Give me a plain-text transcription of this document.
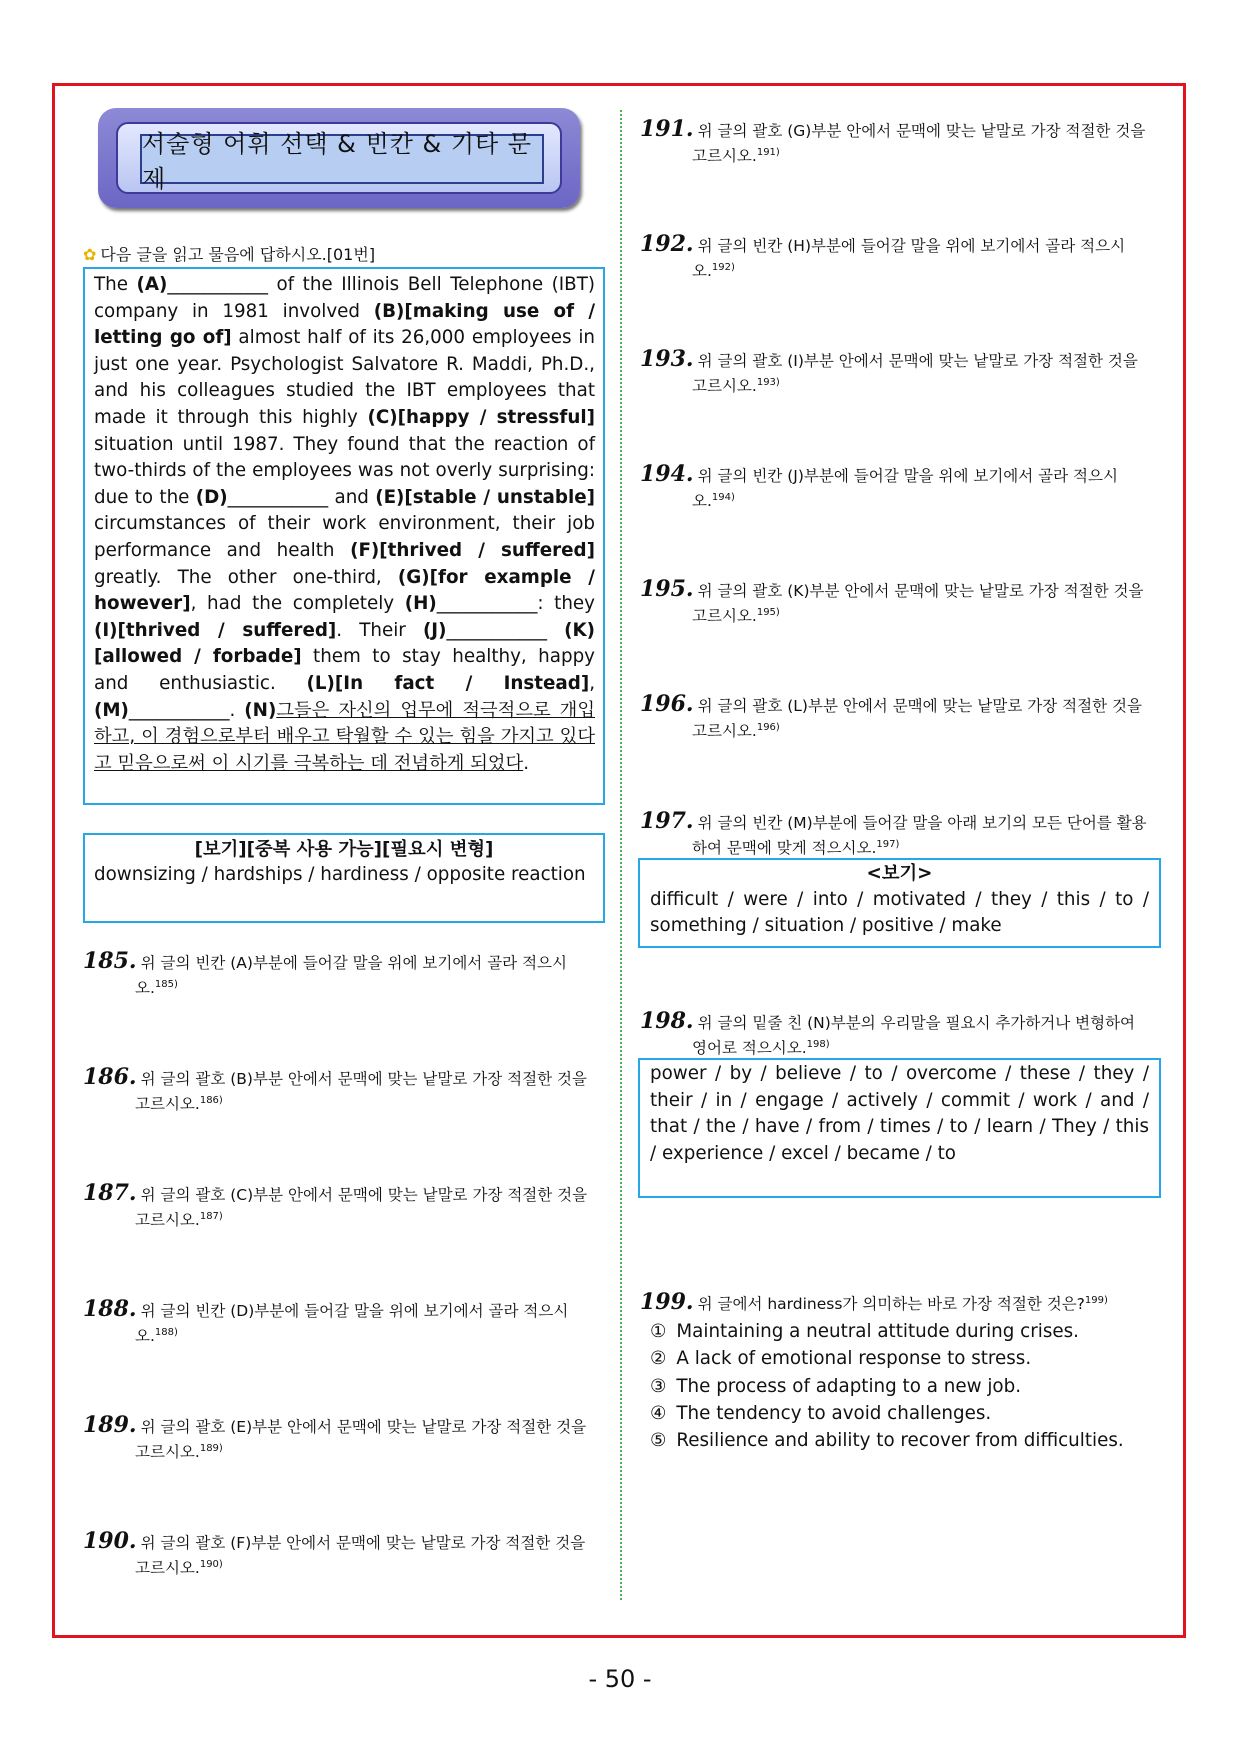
서술형 어휘 선택 & 빈칸 & 기타 문제
✿ 다음 글을 읽고 물음에 답하시오.[01번]
The (A)___________ of the Illinois Bell Telephone (IBT) company in 1981 involved (B)[making use of / letting go of] almost half of its 26,000 employees in just one year. Psychologist Salvatore R. Maddi, Ph.D., and his colleagues studied the IBT employees that made it through this highly (C)[happy / stressful] situation until 1987. They found that the reaction of two-thirds of the employees was not overly surprising: due to the (D)___________ and (E)[stable / unstable] circumstances of their work environment, their job performance and health (F)[thrived / suffered] greatly. The other one-third, (G)[for example / however], had the completely (H)___________: they (I)[thrived / suffered]. Their (J)___________ (K)[allowed / forbade] them to stay healthy, happy and enthusiastic. (L)[In fact / Instead], (M)___________. (N)그들은 자신의 업무에 적극적으로 개입하고, 이 경험으로부터 배우고 탁월할 수 있는 힘을 가지고 있다고 믿음으로써 이 시기를 극복하는 데 전념하게 되었다.
[보기][중복 사용 가능][필요시 변형]
downsizing / hardships / hardiness / opposite reaction
185. 위 글의 빈칸 (A)부분에 들어갈 말을 위에 보기에서 골라 적으시
오.$^{185)}$
186. 위 글의 괄호 (B)부분 안에서 문맥에 맞는 낱말로 가장 적절한 것을
고르시오.$^{186)}$
187. 위 글의 괄호 (C)부분 안에서 문맥에 맞는 낱말로 가장 적절한 것을
고르시오.$^{187)}$
188. 위 글의 빈칸 (D)부분에 들어갈 말을 위에 보기에서 골라 적으시
오.$^{188)}$
189. 위 글의 괄호 (E)부분 안에서 문맥에 맞는 낱말로 가장 적절한 것을
고르시오.$^{189)}$
190. 위 글의 괄호 (F)부분 안에서 문맥에 맞는 낱말로 가장 적절한 것을
고르시오.$^{190)}$
191. 위 글의 괄호 (G)부분 안에서 문맥에 맞는 낱말로 가장 적절한 것을
고르시오.$^{191)}$
192. 위 글의 빈칸 (H)부분에 들어갈 말을 위에 보기에서 골라 적으시
오.$^{192)}$
193. 위 글의 괄호 (I)부분 안에서 문맥에 맞는 낱말로 가장 적절한 것을
고르시오.$^{193)}$
194. 위 글의 빈칸 (J)부분에 들어갈 말을 위에 보기에서 골라 적으시
오.$^{194)}$
195. 위 글의 괄호 (K)부분 안에서 문맥에 맞는 낱말로 가장 적절한 것을
고르시오.$^{195)}$
196. 위 글의 괄호 (L)부분 안에서 문맥에 맞는 낱말로 가장 적절한 것을
고르시오.$^{196)}$
197. 위 글의 빈칸 (M)부분에 들어갈 말을 아래 보기의 모든 단어를 활용
하여 문맥에 맞게 적으시오.$^{197)}$
198. 위 글의 밑줄 친 (N)부분의 우리말을 필요시 추가하거나 변형하여
영어로 적으시오.$^{198)}$
199. 위 글에서 hardiness가 의미하는 바로 가장 적절한 것은?$^{199)}$
<보기>
difficult / were / into / motivated / they / this / to / something / situation / positive / make
power / by / believe / to / overcome / these / they / their / in / engage / actively / commit / work / and / that / the / have / from / times / to / learn / They / this / experience / excel / became / to
① Maintaining a neutral attitude during crises.
② A lack of emotional response to stress.
③ The process of adapting to a new job.
④ The tendency to avoid challenges.
⑤ Resilience and ability to recover from difficulties.
- 50 -
